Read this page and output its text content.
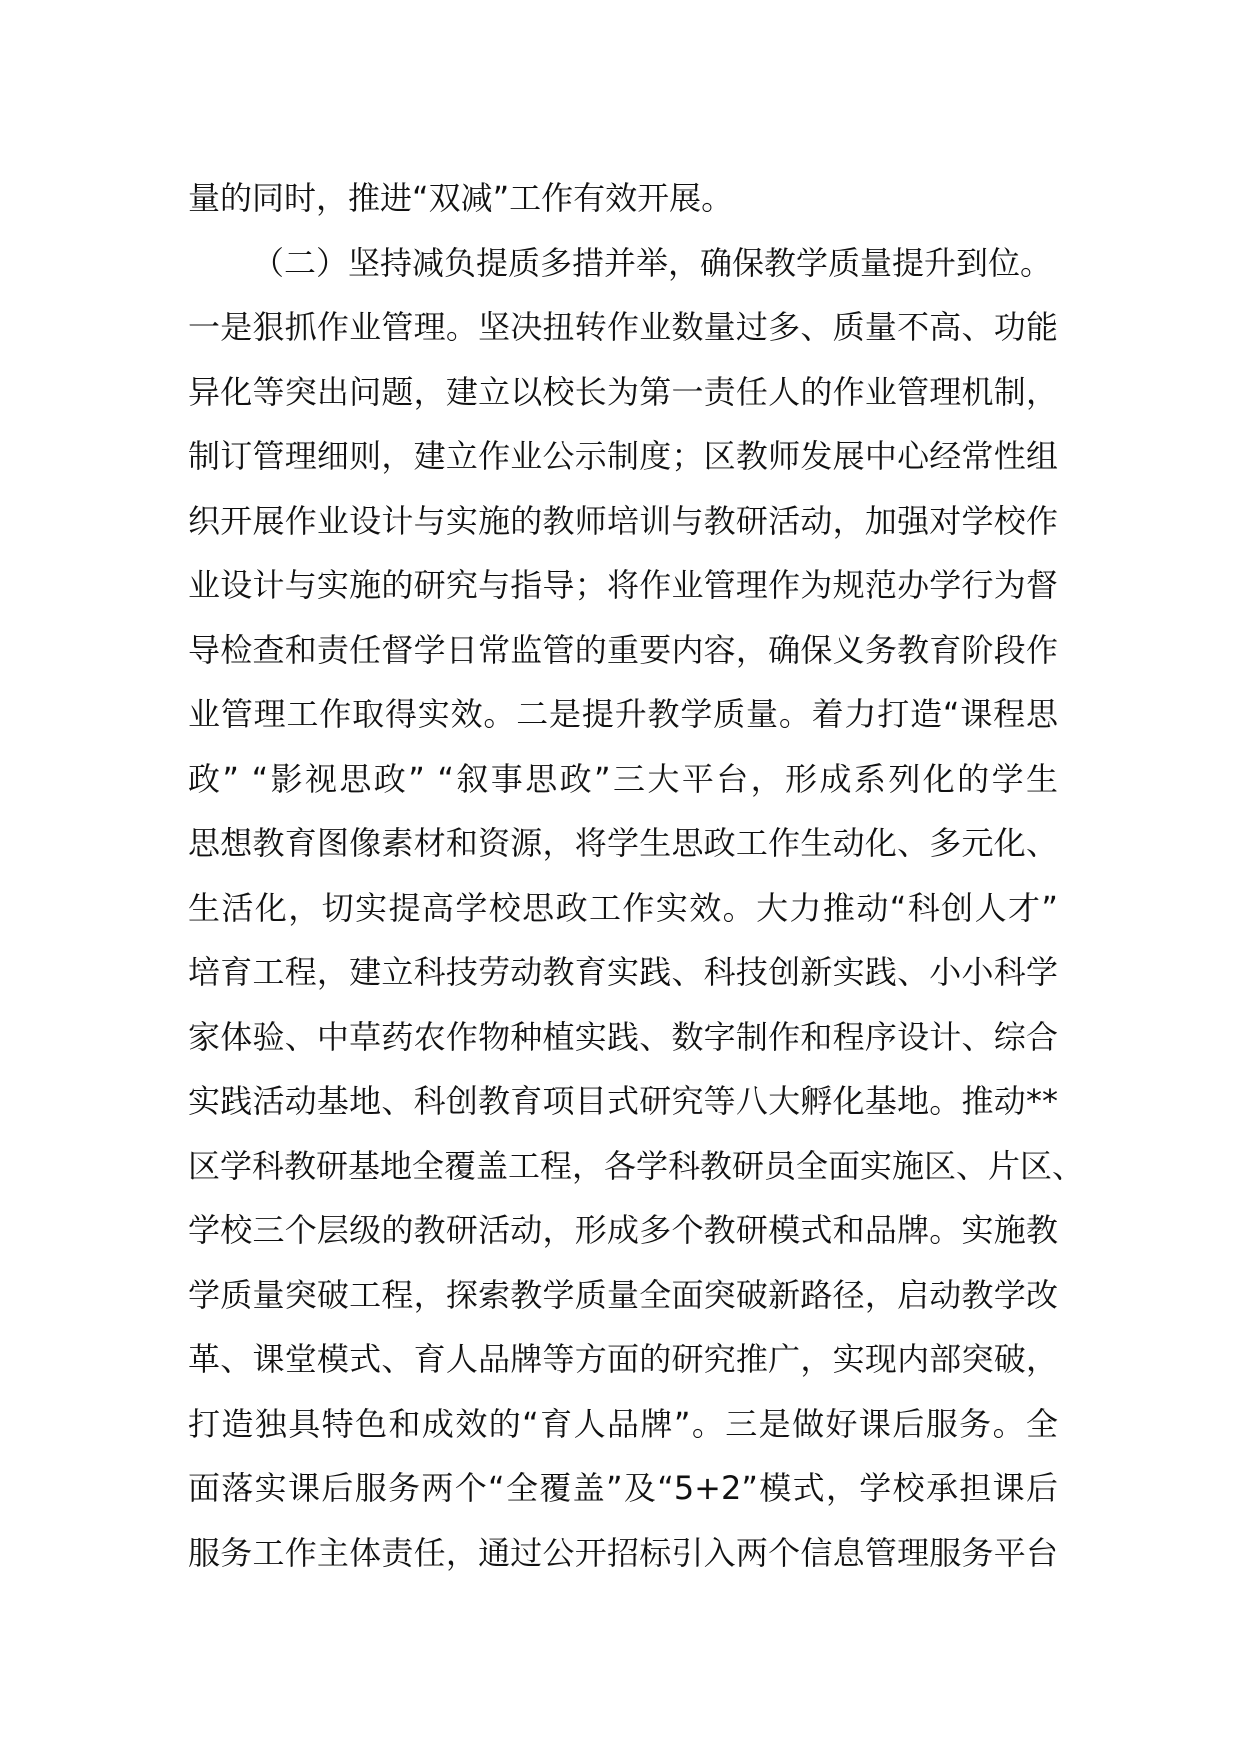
量的同时，推进“双减”工作有效开展。
（二）坚持减负提质多措并举，确保教学质量提升到位。
一是狠抓作业管理。坚决扭转作业数量过多、质量不高、功能
异化等突出问题，建立以校长为第一责任人的作业管理机制，
制订管理细则，建立作业公示制度；区教师发展中心经常性组
织开展作业设计与实施的教师培训与教研活动，加强对学校作
业设计与实施的研究与指导；将作业管理作为规范办学行为督
导检查和责任督学日常监管的重要内容，确保义务教育阶段作
业管理工作取得实效。二是提升教学质量。着力打造“课程思
政” “影视思政” “叙事思政”三大平台，形成系列化的学生
思想教育图像素材和资源，将学生思政工作生动化、多元化、
生活化，切实提高学校思政工作实效。大力推动“科创人才”
培育工程，建立科技劳动教育实践、科技创新实践、小小科学
家体验、中草药农作物种植实践、数字制作和程序设计、综合
实践活动基地、科创教育项目式研究等八大孵化基地。推动**
区学科教研基地全覆盖工程，各学科教研员全面实施区、片区、
学校三个层级的教研活动，形成多个教研模式和品牌。实施教
学质量突破工程，探索教学质量全面突破新路径，启动教学改
革、课堂模式、育人品牌等方面的研究推广，实现内部突破，
打造独具特色和成效的“育人品牌”。三是做好课后服务。全
面落实课后服务两个“全覆盖”及“5+2”模式，学校承担课后
服务工作主体责任，通过公开招标引入两个信息管理服务平台
